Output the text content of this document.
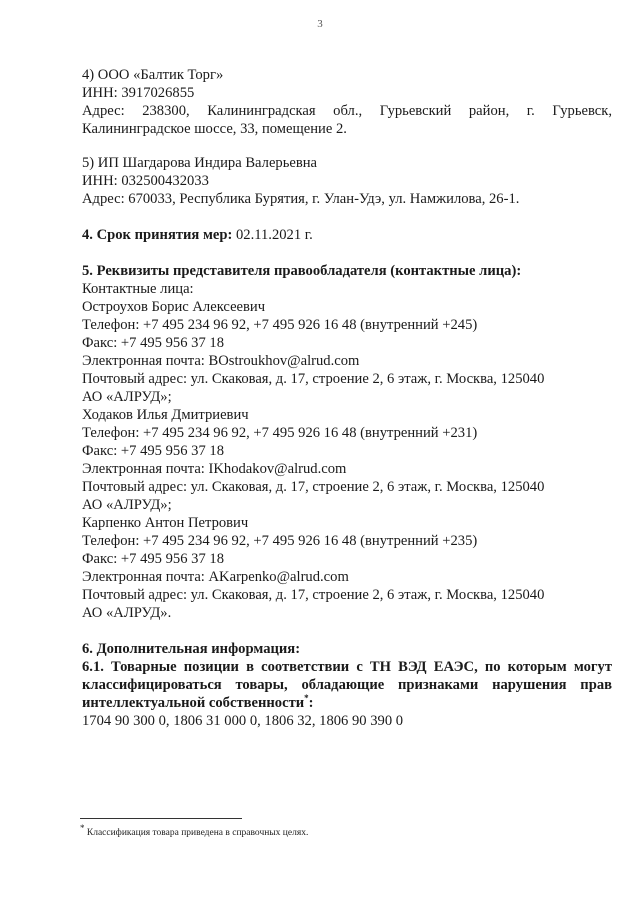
3
4) ООО «Балтик Торг»
ИНН: 3917026855
Адрес: 238300, Калининградская обл., Гурьевский район, г. Гурьевск,
Калининградское шоссе, 33, помещение 2.
5) ИП Шагдарова Индира Валерьевна
ИНН: 032500432033
Адрес: 670033, Республика Бурятия, г. Улан-Удэ, ул. Намжилова, 26-1.
4. Срок принятия мер: 02.11.2021 г.
5. Реквизиты представителя правообладателя (контактные лица):
Контактные лица:
Остроухов Борис Алексеевич
Телефон: +7 495 234 96 92, +7 495 926 16 48 (внутренний +245)
Факс: +7 495 956 37 18
Электронная почта: BOstroukhov@alrud.com
Почтовый адрес: ул. Скаковая, д. 17, строение 2, 6 этаж, г. Москва, 125040
АО «АЛРУД»;
Ходаков Илья Дмитриевич
Телефон: +7 495 234 96 92, +7 495 926 16 48 (внутренний +231)
Факс: +7 495 956 37 18
Электронная почта: IKhodakov@alrud.com
Почтовый адрес: ул. Скаковая, д. 17, строение 2, 6 этаж, г. Москва, 125040
АО «АЛРУД»;
Карпенко Антон Петрович
Телефон: +7 495 234 96 92, +7 495 926 16 48 (внутренний +235)
Факс: +7 495 956 37 18
Электронная почта: AKarpenko@alrud.com
Почтовый адрес: ул. Скаковая, д. 17, строение 2, 6 этаж, г. Москва, 125040
АО «АЛРУД».
6. Дополнительная информация:
6.1. Товарные позиции в соответствии с ТН ВЭД ЕАЭС, по которым могут
классифицироваться товары, обладающие признаками нарушения прав
интеллектуальной собственности*:
1704 90 300 0, 1806 31 000 0, 1806 32, 1806 90 390 0
* Классификация товара приведена в справочных целях.
